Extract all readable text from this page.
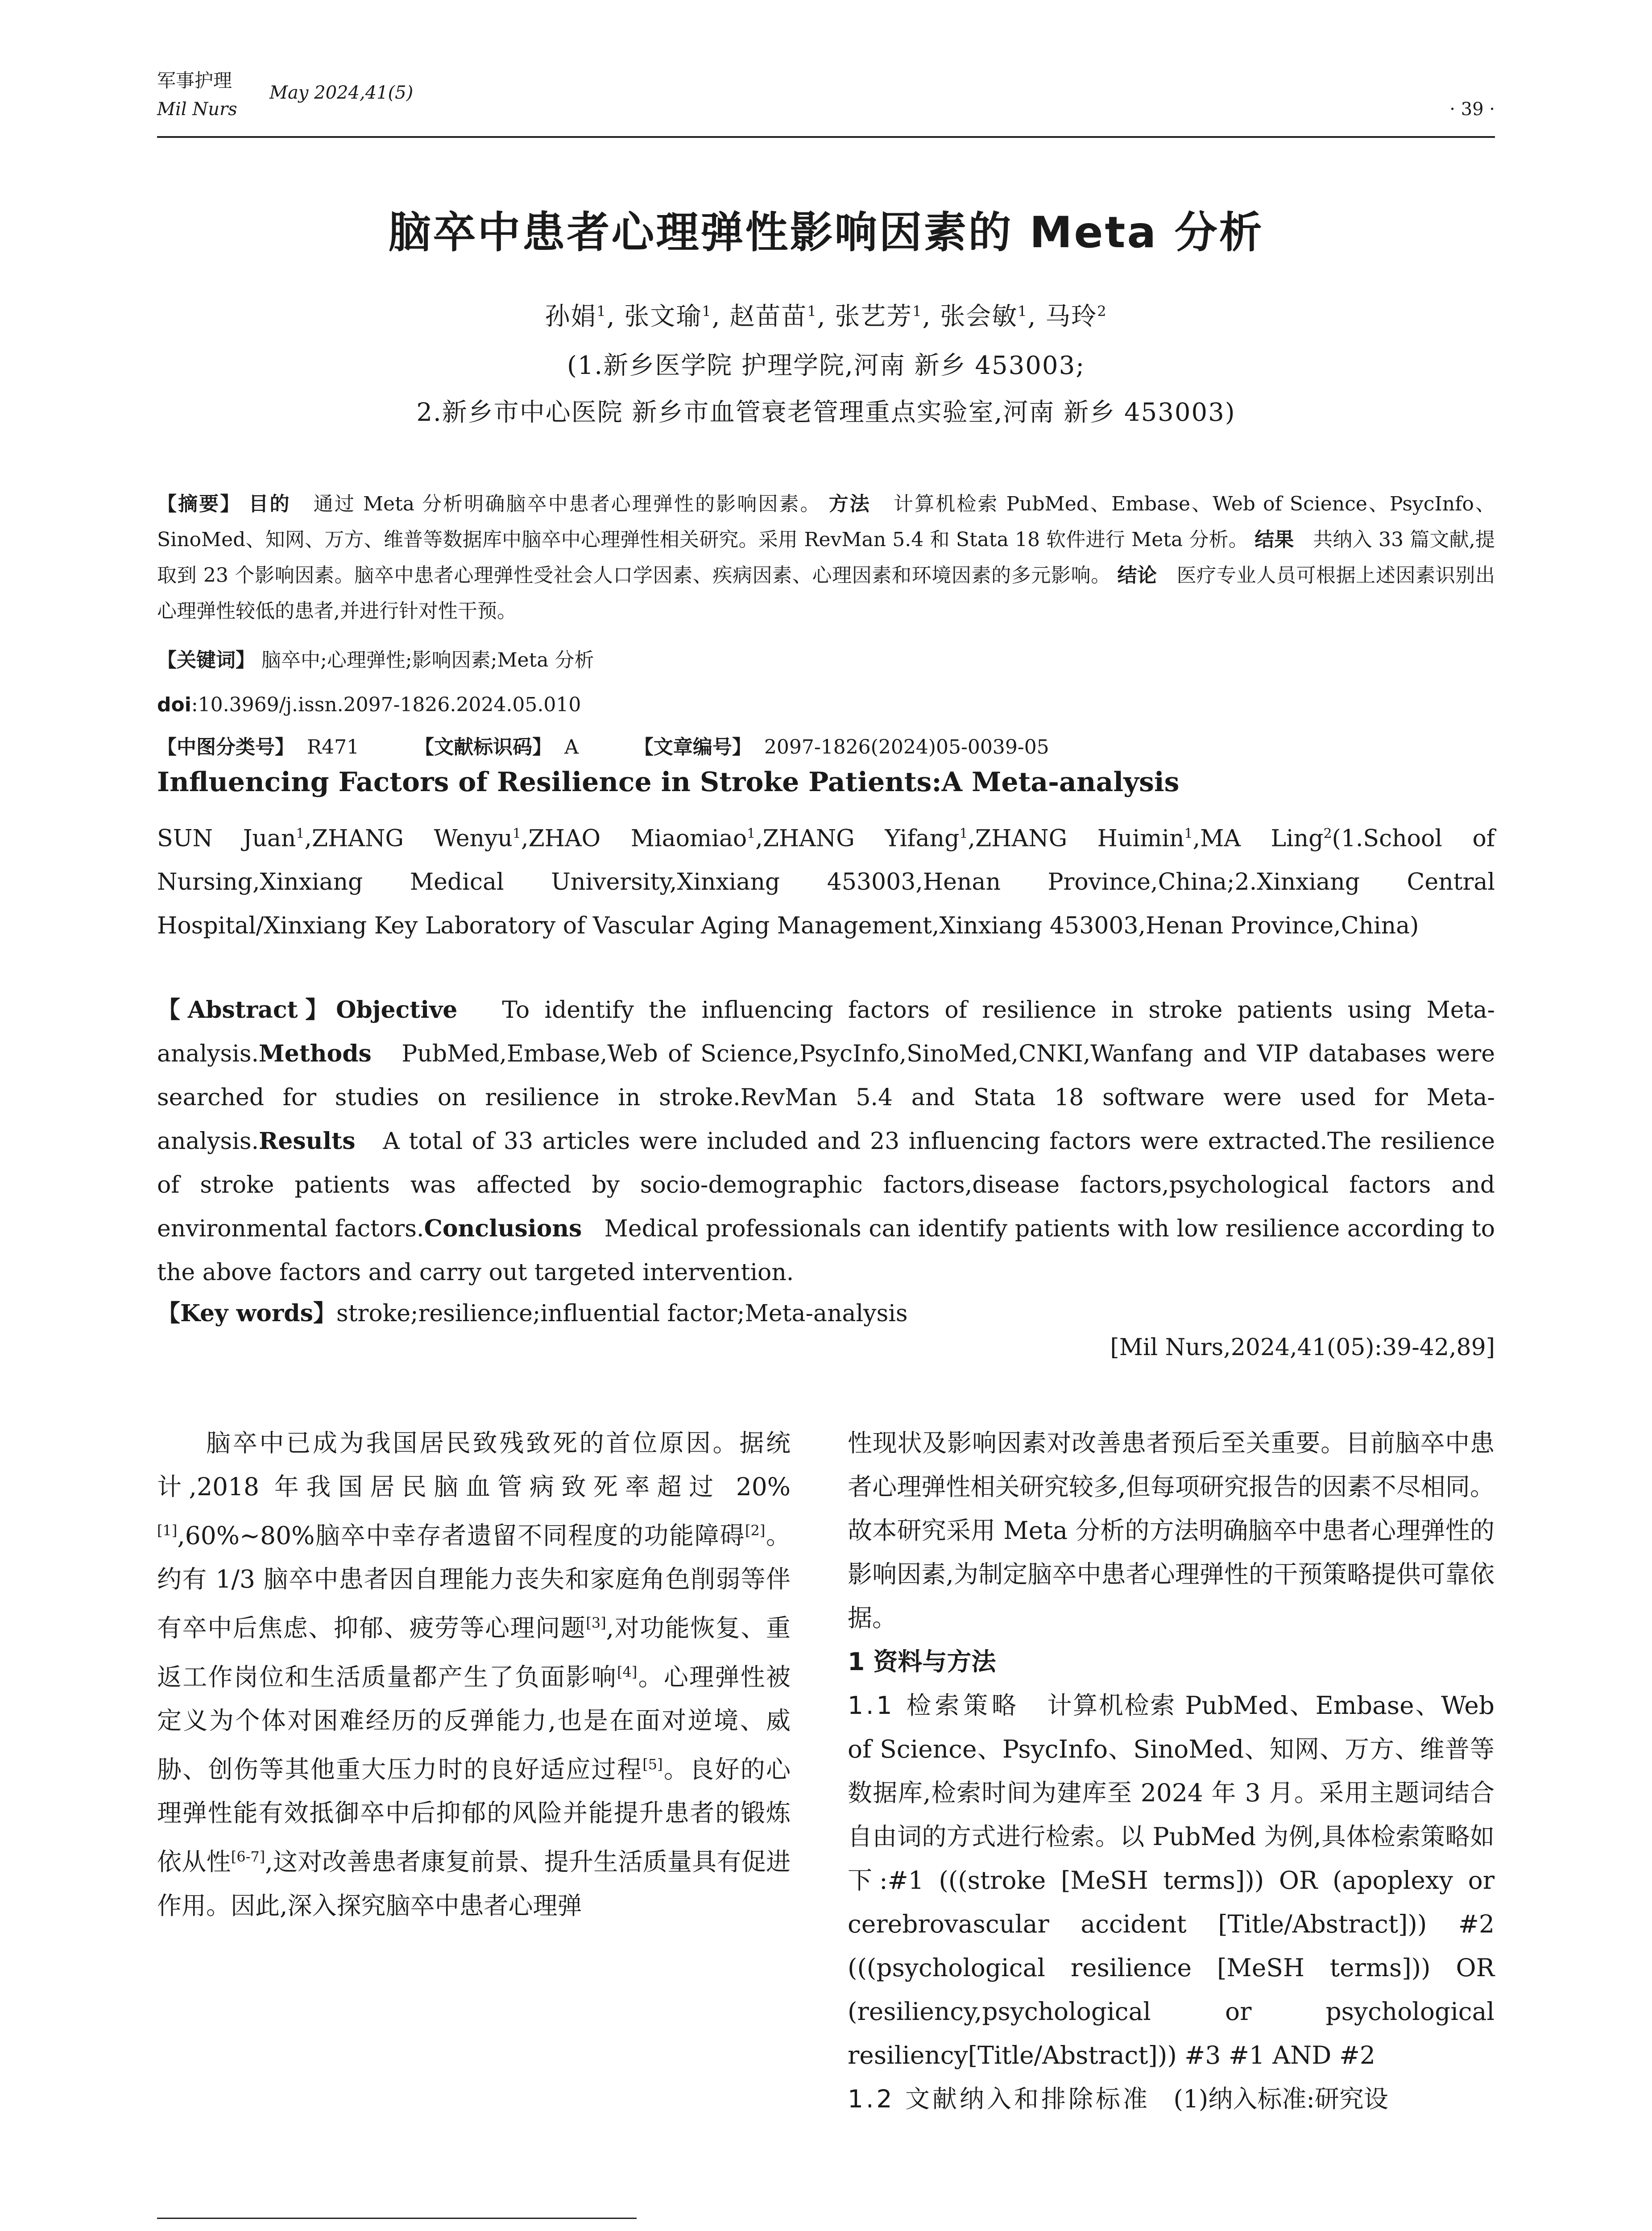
军事护理
Mil Nurs
May 2024,41(5)
· 39 ·
脑卒中患者心理弹性影响因素的 Meta 分析
孙娟$^1$, 张文瑜$^1$, 赵苗苗$^1$, 张艺芳$^1$, 张会敏$^1$, 马玲$^2$
(1.新乡医学院 护理学院,河南 新乡 453003;
2.新乡市中心医院 新乡市血管衰老管理重点实验室,河南 新乡 453003)
【摘要】 目的 通过 Meta 分析明确脑卒中患者心理弹性的影响因素。 方法 计算机检索 PubMed、Embase、Web of Science、PsycInfo、SinoMed、知网、万方、维普等数据库中脑卒中心理弹性相关研究。采用 RevMan 5.4 和 Stata 18 软件进行 Meta 分析。 结果 共纳入 33 篇文献,提取到 23 个影响因素。脑卒中患者心理弹性受社会人口学因素、疾病因素、心理因素和环境因素的多元影响。 结论 医疗专业人员可根据上述因素识别出心理弹性较低的患者,并进行针对性干预。
【关键词】 脑卒中;心理弹性;影响因素;Meta 分析
doi:10.3969/j.issn.2097-1826.2024.05.010
【中图分类号】 R471	【文献标识码】 A	【文章编号】 2097-1826(2024)05-0039-05
Influencing Factors of Resilience in Stroke Patients:A Meta-analysis
SUN Juan$^1$,ZHANG Wenyu$^1$,ZHAO Miaomiao$^1$,ZHANG Yifang$^1$,ZHANG Huimin$^1$,MA Ling$^2$(1.School of Nursing,Xinxiang Medical University,Xinxiang 453003,Henan Province,China;2.Xinxiang Central Hospital/Xinxiang Key Laboratory of Vascular Aging Management,Xinxiang 453003,Henan Province,China)
【Abstract】Objective To identify the influencing factors of resilience in stroke patients using Meta-analysis.Methods PubMed,Embase,Web of Science,PsycInfo,SinoMed,CNKI,Wanfang and VIP databases were searched for studies on resilience in stroke.RevMan 5.4 and Stata 18 software were used for Meta-analysis.Results A total of 33 articles were included and 23 influencing factors were extracted.The resilience of stroke patients was affected by socio-demographic factors,disease factors,psychological factors and environmental factors.Conclusions Medical professionals can identify patients with low resilience according to the above factors and carry out targeted intervention.
【Key words】stroke;resilience;influential factor;Meta-analysis
[Mil Nurs,2024,41(05):39-42,89]

脑卒中已成为我国居民致残致死的首位原因。据统计,2018 年我国居民脑血管病致死率超过 20%[1],60%~80%脑卒中幸存者遗留不同程度的功能障碍[2]。约有 1/3 脑卒中患者因自理能力丧失和家庭角色削弱等伴有卒中后焦虑、抑郁、疲劳等心理问题[3],对功能恢复、重返工作岗位和生活质量都产生了负面影响[4]。心理弹性被定义为个体对困难经历的反弹能力,也是在面对逆境、威胁、创伤等其他重大压力时的良好适应过程[5]。良好的心理弹性能有效抵御卒中后抑郁的风险并能提升患者的锻炼依从性[6-7],这对改善患者康复前景、提升生活质量具有促进作用。因此,深入探究脑卒中患者心理弹

性现状及影响因素对改善患者预后至关重要。目前脑卒中患者心理弹性相关研究较多,但每项研究报告的因素不尽相同。故本研究采用 Meta 分析的方法明确脑卒中患者心理弹性的影响因素,为制定脑卒中患者心理弹性的干预策略提供可靠依据。

1 资料与方法

1.1 检索策略 计算机检索 PubMed、Embase、Web of Science、PsycInfo、SinoMed、知网、万方、维普等数据库,检索时间为建库至 2024 年 3 月。采用主题词结合自由词的方式进行检索。以 PubMed 为例,具体检索策略如下:#1 (((stroke [MeSH terms])) OR (apoplexy or cerebrovascular accident [Title/Abstract])) #2 (((psychological resilience [MeSH terms])) OR (resiliency,psychological or psychological resiliency[Title/Abstract])) #3 #1 AND #2

1.2 文献纳入和排除标准 (1)纳入标准:研究设
